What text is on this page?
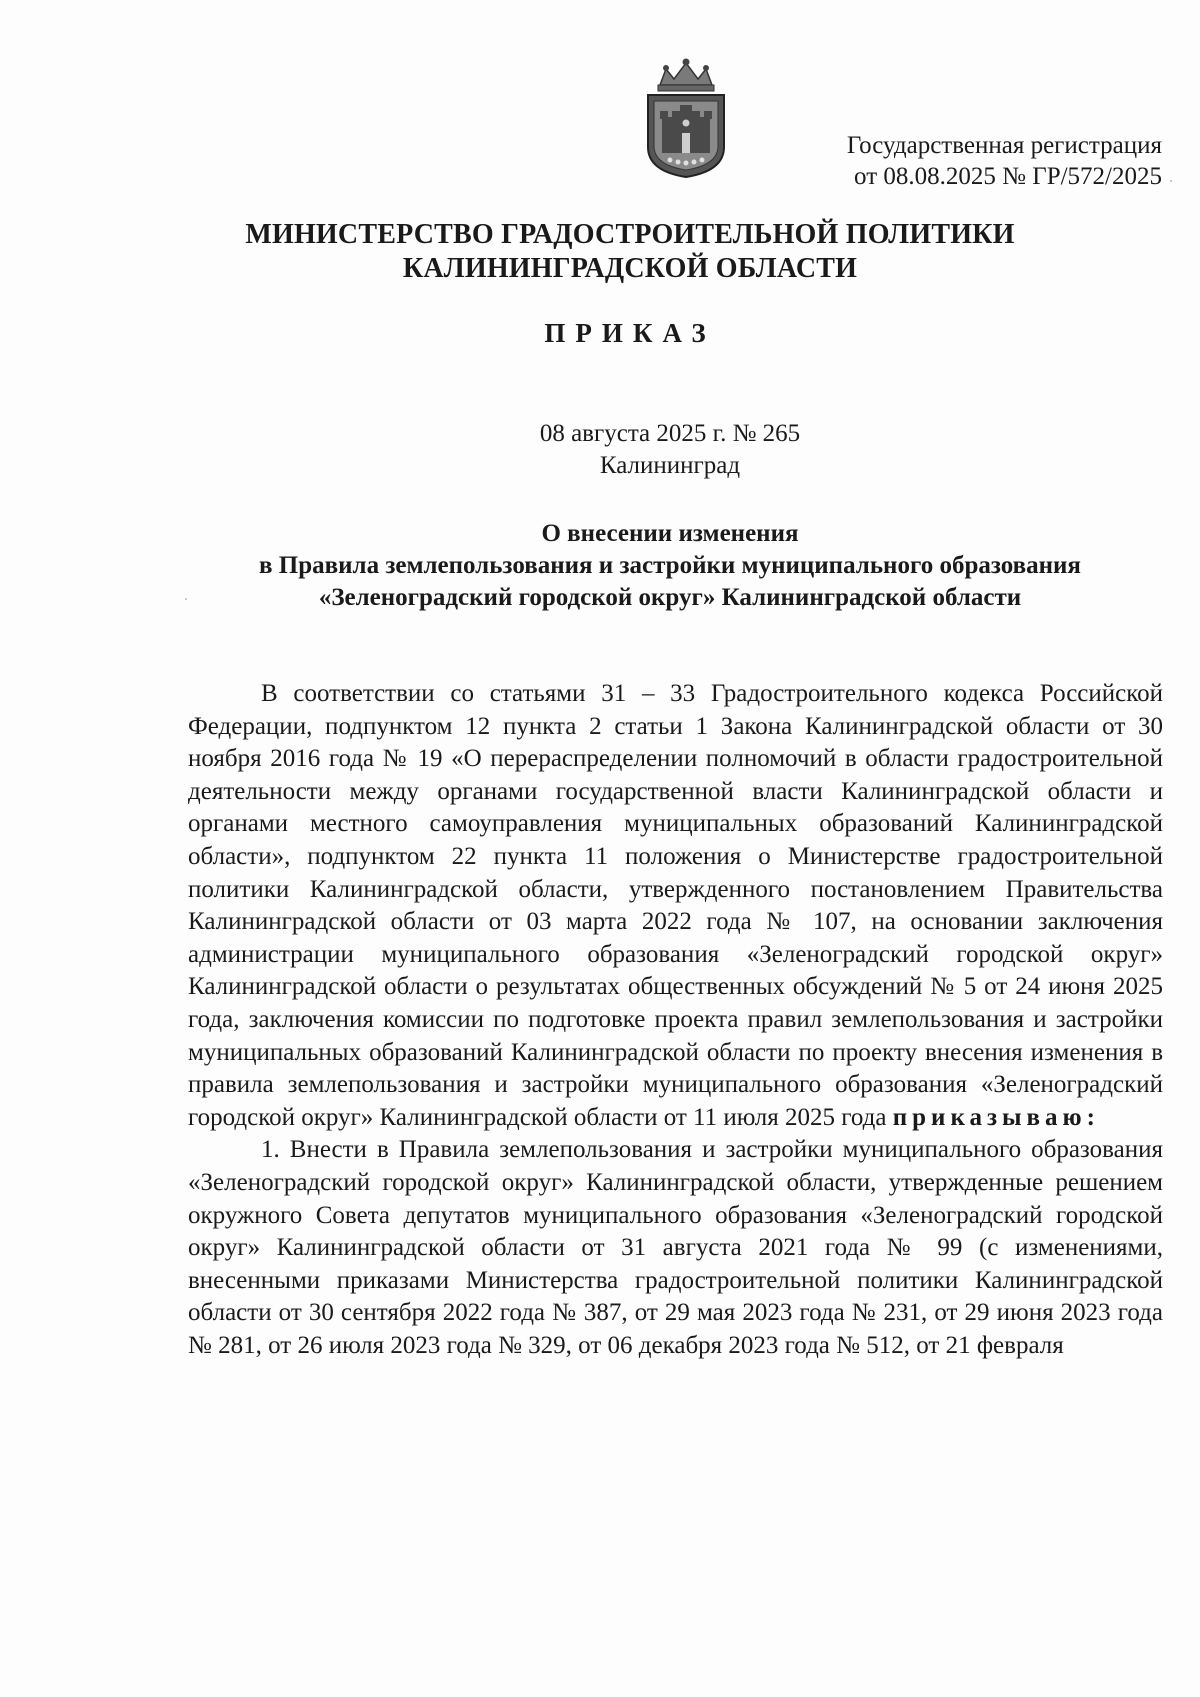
Государственная регистрация
от 08.08.2025 № ГР/572/2025
МИНИСТЕРСТВО ГРАДОСТРОИТЕЛЬНОЙ ПОЛИТИКИ
КАЛИНИНГРАДСКОЙ ОБЛАСТИ
ПРИКАЗ
08 августа 2025 г. № 265
Калининград
О внесении изменения
в Правила землепользования и застройки муниципального образования
«Зеленоградский городской округ» Калининградской области

В соответствии со статьями 31 – 33 Градостроительного кодекса Российской Федерации, подпунктом 12 пункта 2 статьи 1 Закона Калининградской области от 30 ноября 2016 года № 19 «О перераспределении полномочий в области градостроительной деятельности между органами государственной власти Калининградской области и органами местного самоуправления муниципальных образований Калининградской области», подпунктом 22 пункта 11 положения о Министерстве градостроительной политики Калининградской области, утвержденного постановлением Правительства Калининградской области от 03 марта 2022 года № 107, на основании заключения администрации муниципального образования «Зеленоградский городской округ» Калининградской области о результатах общественных обсуждений № 5 от 24 июня 2025 года, заключения комиссии по подготовке проекта правил землепользования и застройки муниципальных образований Калининградской области по проекту внесения изменения в правила землепользования и застройки муниципального образования «Зеленоградский городской округ» Калининградской области от 11 июля 2025 года приказываю:

1. Внести в Правила землепользования и застройки муниципального образования «Зеленоградский городской округ» Калининградской области, утвержденные решением окружного Совета депутатов муниципального образования «Зеленоградский городской округ» Калининградской области от 31 августа 2021 года № 99 (с изменениями, внесенными приказами Министерства градостроительной политики Калининградской области от 30 сентября 2022 года № 387, от 29 мая 2023 года № 231, от 29 июня 2023 года № 281, от 26 июля 2023 года № 329, от 06 декабря 2023 года № 512, от 21 февраля
